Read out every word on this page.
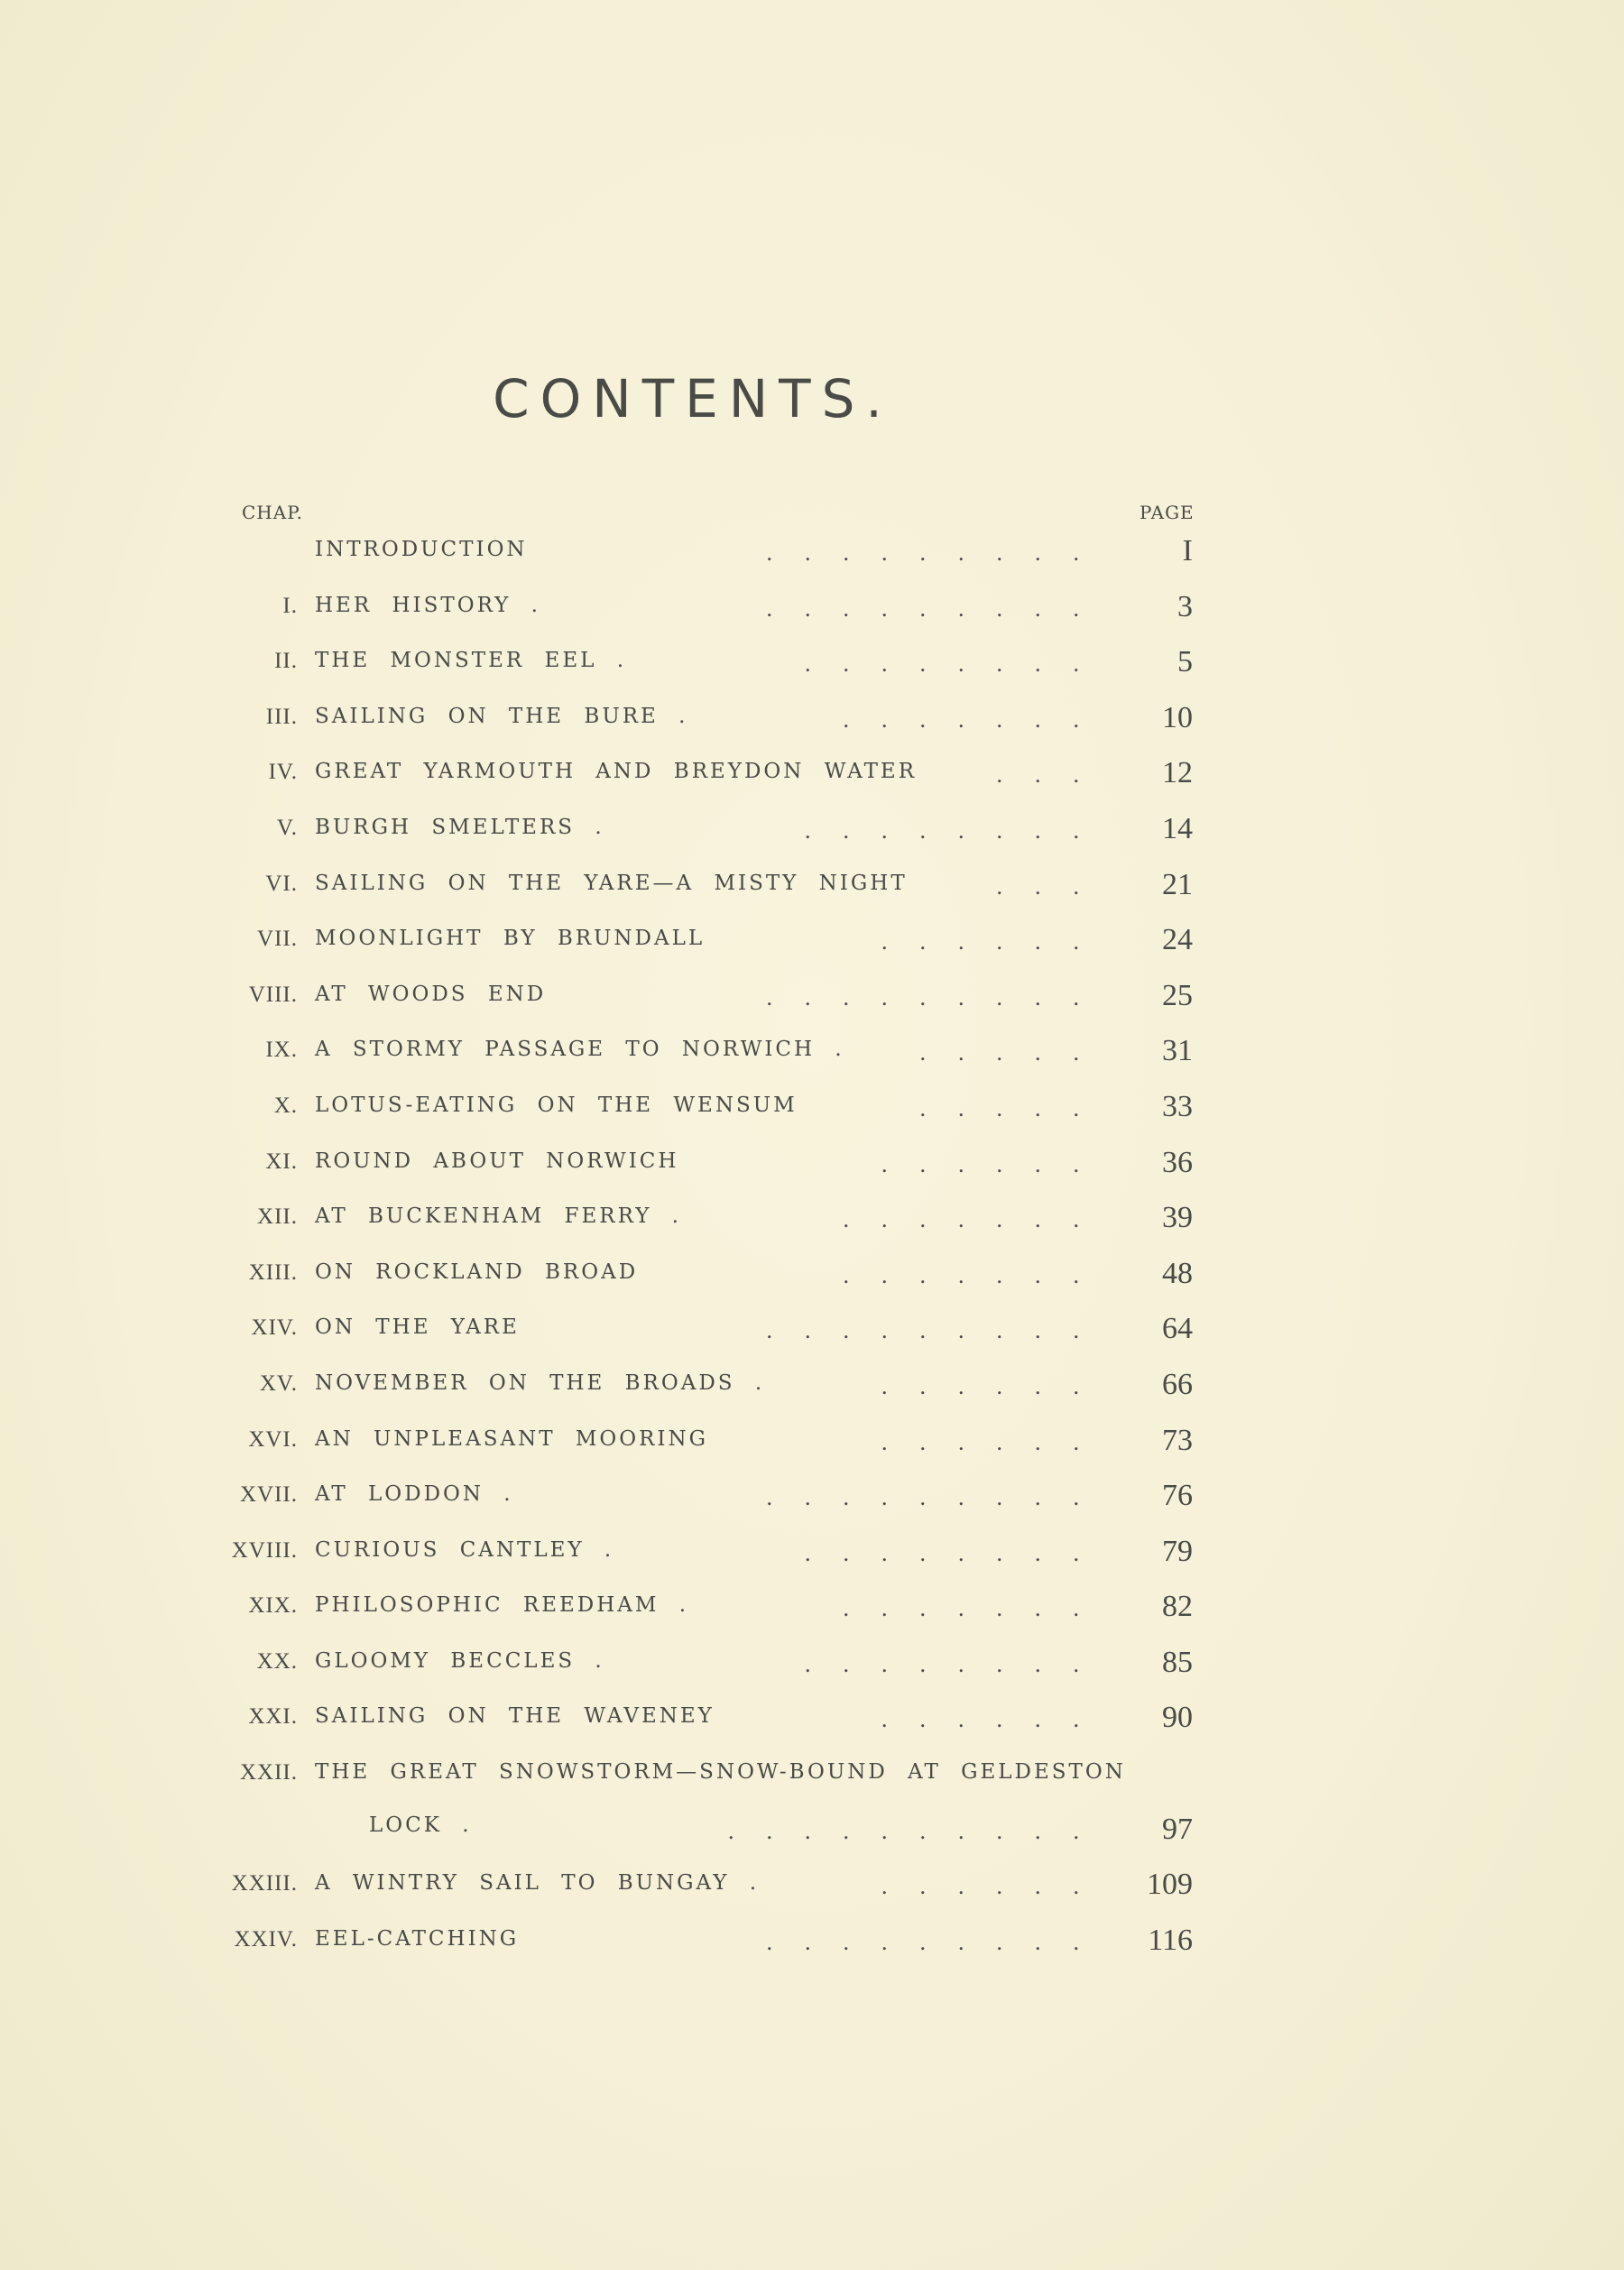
CONTENTS.
CHAP.	PAGE
INTRODUCTION	.........	I
I. HER HISTORY .	.........	3
II. THE MONSTER EEL .	........	5
III. SAILING ON THE BURE .	.......	10
IV. GREAT YARMOUTH AND BREYDON WATER	...	12
V. BURGH SMELTERS .	........	14
VI. SAILING ON THE YARE—A MISTY NIGHT	...	21
VII. MOONLIGHT BY BRUNDALL	......	24
VIII. AT WOODS END	.........	25
IX. A STORMY PASSAGE TO NORWICH .	.....	31
X. LOTUS-EATING ON THE WENSUM	.....	33
XI. ROUND ABOUT NORWICH	......	36
XII. AT BUCKENHAM FERRY .	.......	39
XIII. ON ROCKLAND BROAD	.......	48
XIV. ON THE YARE	.........	64
XV. NOVEMBER ON THE BROADS .	......	66
XVI. AN UNPLEASANT MOORING	......	73
XVII. AT LODDON .	.........	76
XVIII. CURIOUS CANTLEY .	........	79
XIX. PHILOSOPHIC REEDHAM .	.......	82
XX. GLOOMY BECCLES .	........	85
XXI. SAILING ON THE WAVENEY	......	90
XXII. THE GREAT SNOWSTORM—SNOW-BOUND AT GELDESTON
LOCK .	..........	97
XXIII. A WINTRY SAIL TO BUNGAY .	...... 109
XXIV. EEL-CATCHING	.........	116
